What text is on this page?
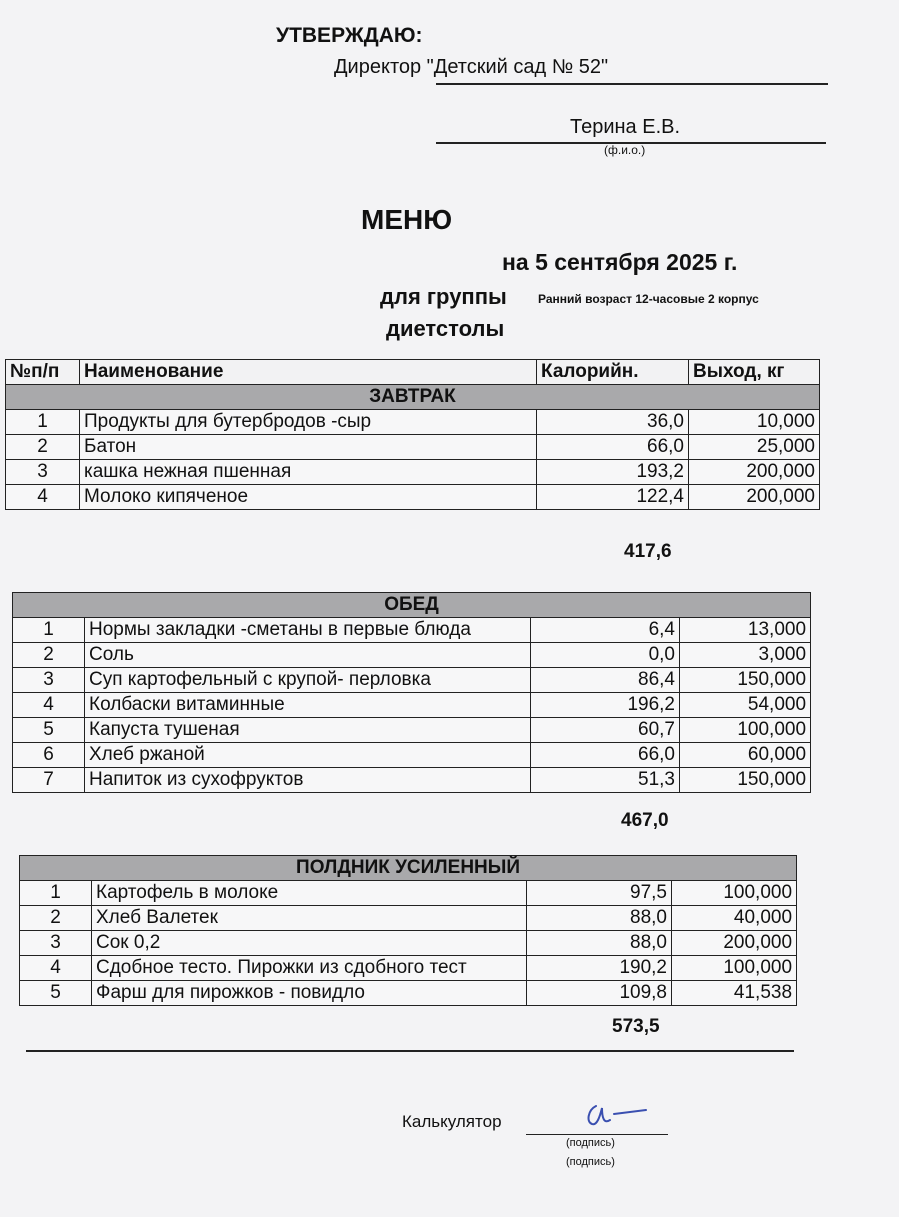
УТВЕРЖДАЮ:
Директор "Детский сад № 52"
Терина Е.В.
(ф.и.о.)
МЕНЮ
на 5 сентября 2025 г.
для группы	Ранний возраст 12-часовые 2 корпус
диетстолы
№п/п	Наименование	Калорийн.	Выход, кг
ЗАВТРАК			
1	Продукты для бутербродов -сыр	36,0	10,000
2	Батон	66,0	25,000
3	кашка нежная пшенная	193,2	200,000
4	Молоко кипяченое	122,4	200,000
417,6
ОБЕД			
1	Нормы закладки -сметаны в первые блюда	6,4	13,000
2	Соль	0,0	3,000
3	Суп картофельный с крупой- перловка	86,4	150,000
4	Колбаски витаминные	196,2	54,000
5	Капуста тушеная	60,7	100,000
6	Хлеб ржаной	66,0	60,000
7	Напиток из сухофруктов	51,3	150,000
467,0
ПОЛДНИК УСИЛЕННЫЙ			
1	Картофель в молоке	97,5	100,000
2	Хлеб Валетек	88,0	40,000
3	Сок 0,2	88,0	200,000
4	Сдобное тесто. Пирожки из сдобного тест	190,2	100,000
5	Фарш для пирожков - повидло	109,8	41,538
573,5
Калькулятор
(подпись)
(подпись)
